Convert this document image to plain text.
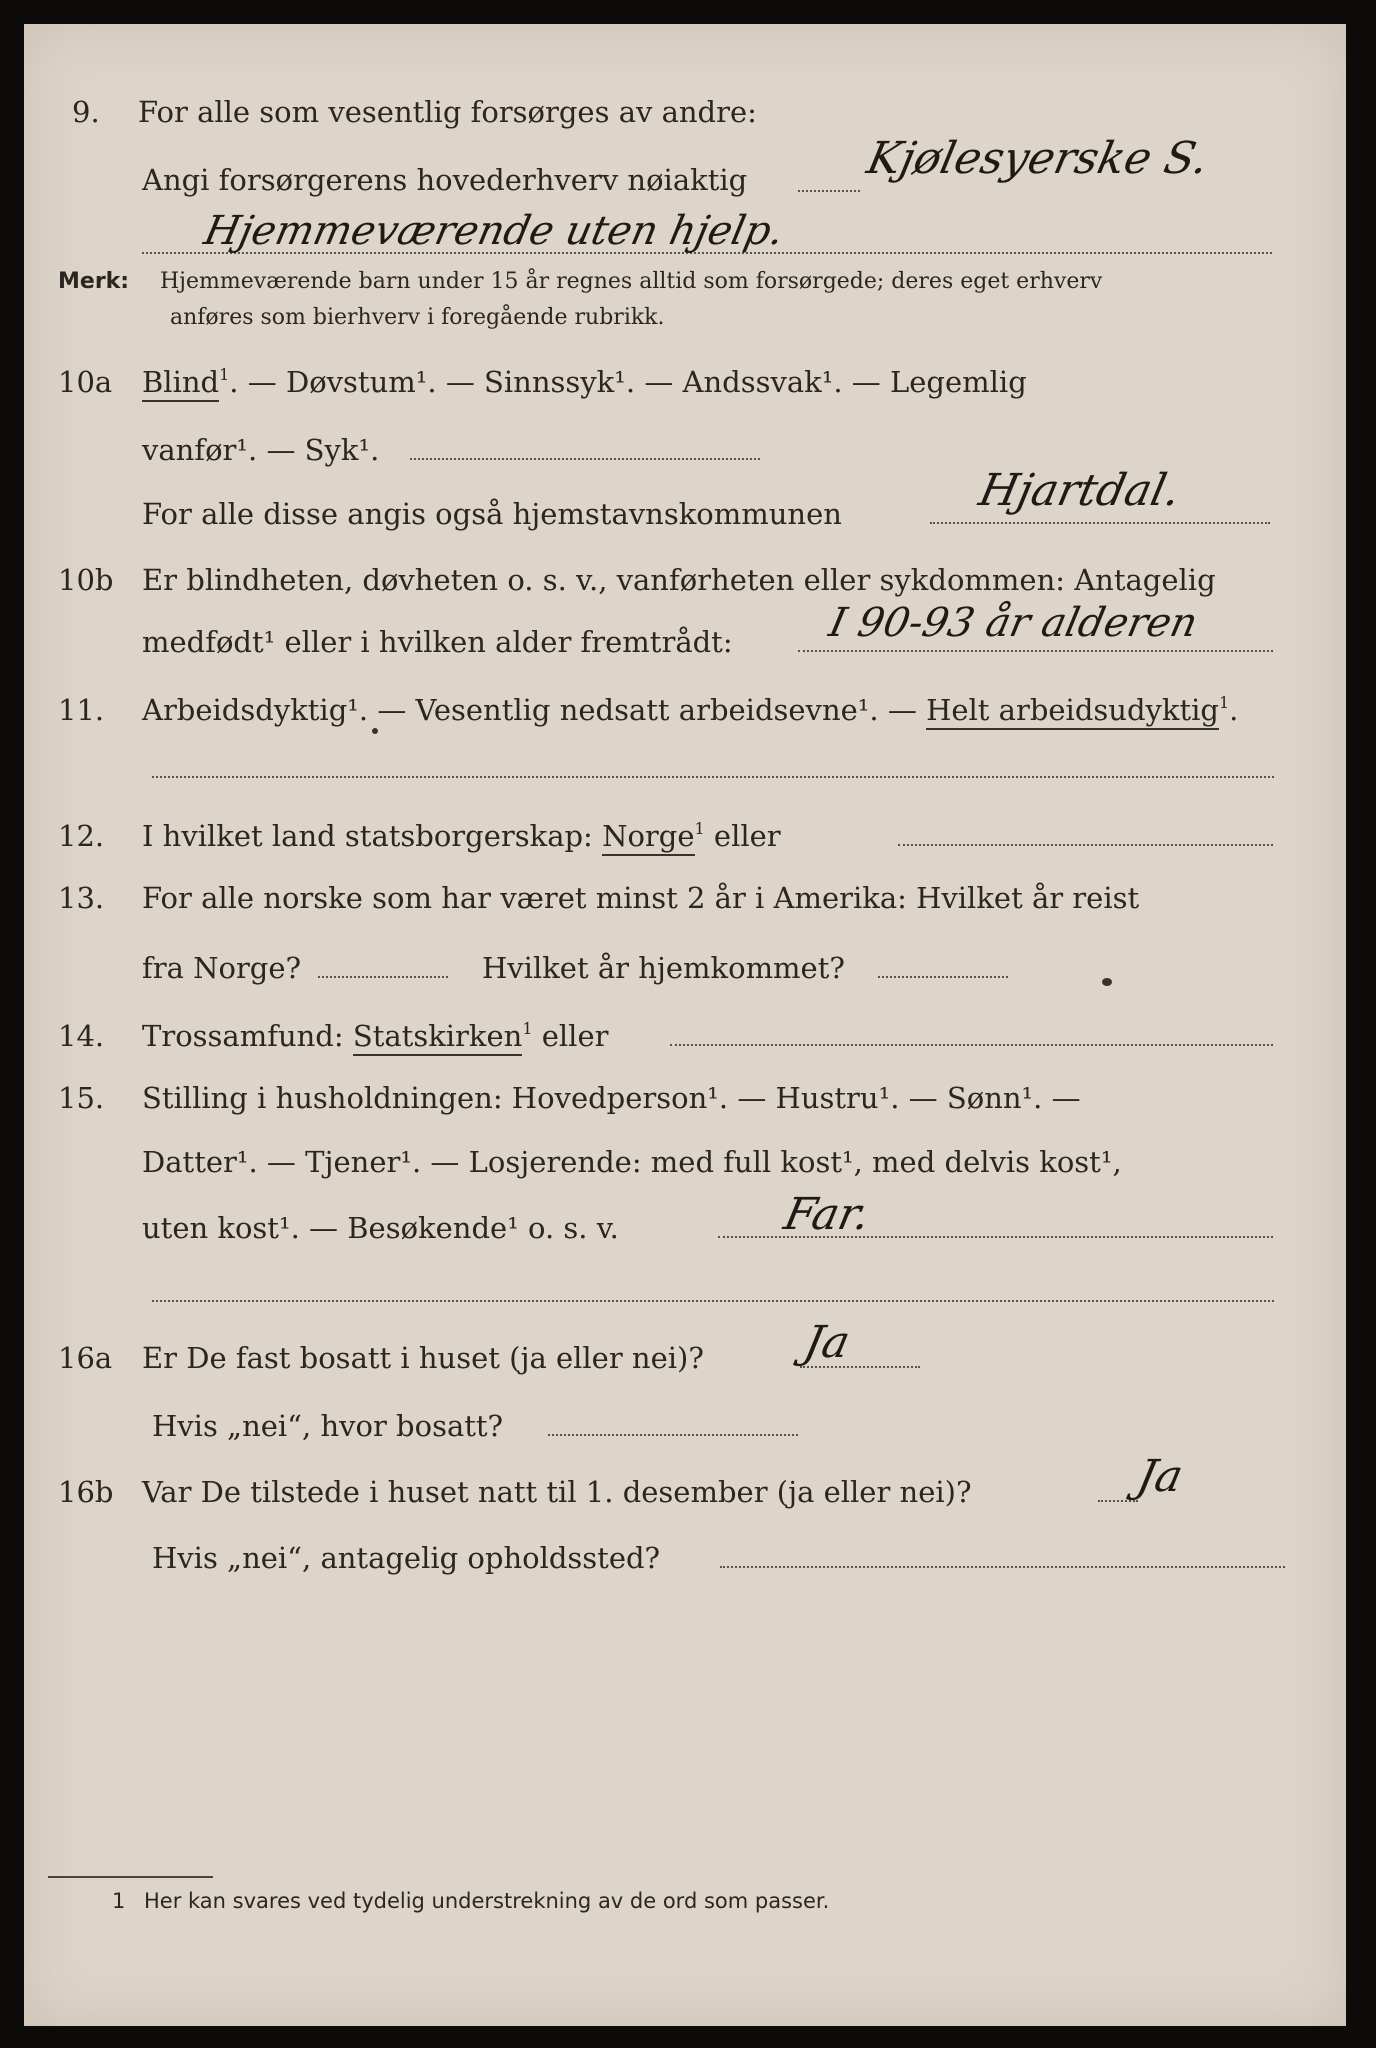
9. For alle som vesentlig forsørges av andre:
Angi forsørgerens hovederhverv nøiaktig	Kjølesyerske S.
Hjemmeværende uten hjelp.
Merk: Hjemmeværende barn under 15 år regnes alltid som forsørgede; deres eget erhverv
anføres som bierhverv i foregående rubrikk.
10a Blind$^1$. — Døvstum¹. — Sinnssyk¹. — Andssvak¹. — Legemlig
vanfør¹. — Syk¹.
For alle disse angis også hjemstavnskommunen	Hjartdal.
10b Er blindheten, døvheten o. s. v., vanførheten eller sykdommen: Antagelig
medfødt¹ eller i hvilken alder fremtrådt: I 90-93 år alderen
11. Arbeidsdyktig¹. — Vesentlig nedsatt arbeidsevne¹. — Helt arbeidsudyktig$^1$.
12. I hvilket land statsborgerskap: Norge$^1$ eller
13. For alle norske som har været minst 2 år i Amerika: Hvilket år reist
fra Norge?	Hvilket år hjemkommet?
14. Trossamfund: Statskirken$^1$ eller
15. Stilling i husholdningen: Hovedperson¹. — Hustru¹. — Sønn¹. —
Datter¹. — Tjener¹. — Losjerende: med full kost¹, med delvis kost¹,
uten kost¹. — Besøkende¹ o. s. v.	Far.
16a Er De fast bosatt i huset (ja eller nei)? Ja
Hvis „nei“, hvor bosatt?
16b Var De tilstede i huset natt til 1. desember (ja eller nei)?	Ja
Hvis „nei“, antagelig opholdssted?
1 Her kan svares ved tydelig understrekning av de ord som passer.
